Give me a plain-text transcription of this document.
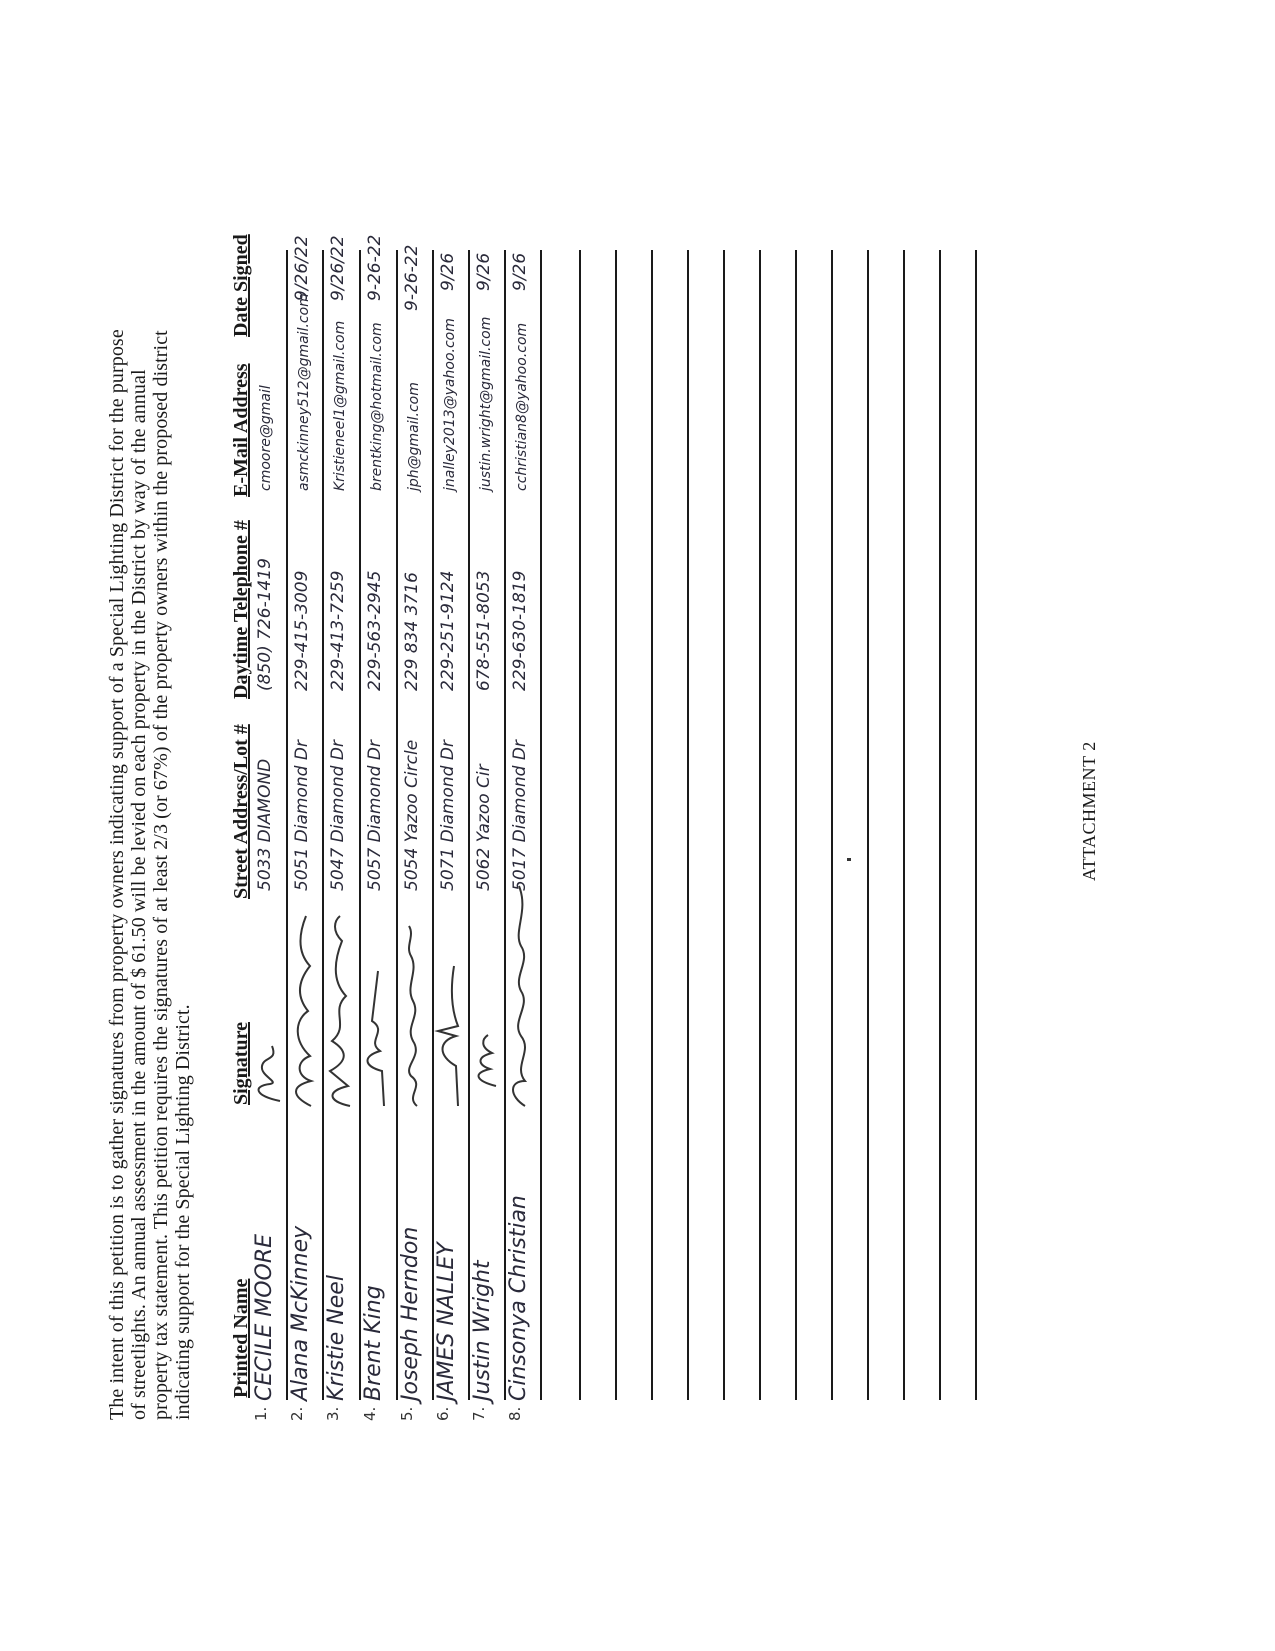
The intent of this petition is to gather signatures from property owners indicating support of a Special Lighting District for the purpose of streetlights. An annual assessment in the amount of $ 61.50 will be levied on each property in the District by way of the annual property tax statement. This petition requires the signatures of at least 2/3 (or 67%) of the property owners within the proposed district indicating support for the Special Lighting District. Printed Name
Signature
Street Address/Lot #
Daytime Telephone #
E-Mail Address
Date Signed
1.
CECILE MOORE
5033 DIAMOND
(850) 726-1419
cmoore@gmail
2.
Alana McKinney
5051 Diamond Dr
229-415-3009
asmckinney512@gmail.com
9/26/22
3.
Kristie Neel
5047 Diamond Dr
229-413-7259
Kristieneel1@gmail.com
9/26/22
4.
Brent King
5057 Diamond Dr
229-563-2945
brentking@hotmail.com
9-26-22
5.
Joseph Herndon
5054 Yazoo Circle
229 834 3716
jph@gmail.com
9-26-22
6.
JAMES NALLEY
5071 Diamond Dr
229-251-9124
jnalley2013@yahoo.com
9/26
7.
Justin Wright
5062 Yazoo Cir
678-551-8053
justin.wright@gmail.com
9/26
8.
Cinsonya Christian
5017 Diamond Dr
229-630-1819
cchristian8@yahoo.com
9/26
ATTACHMENT 2
